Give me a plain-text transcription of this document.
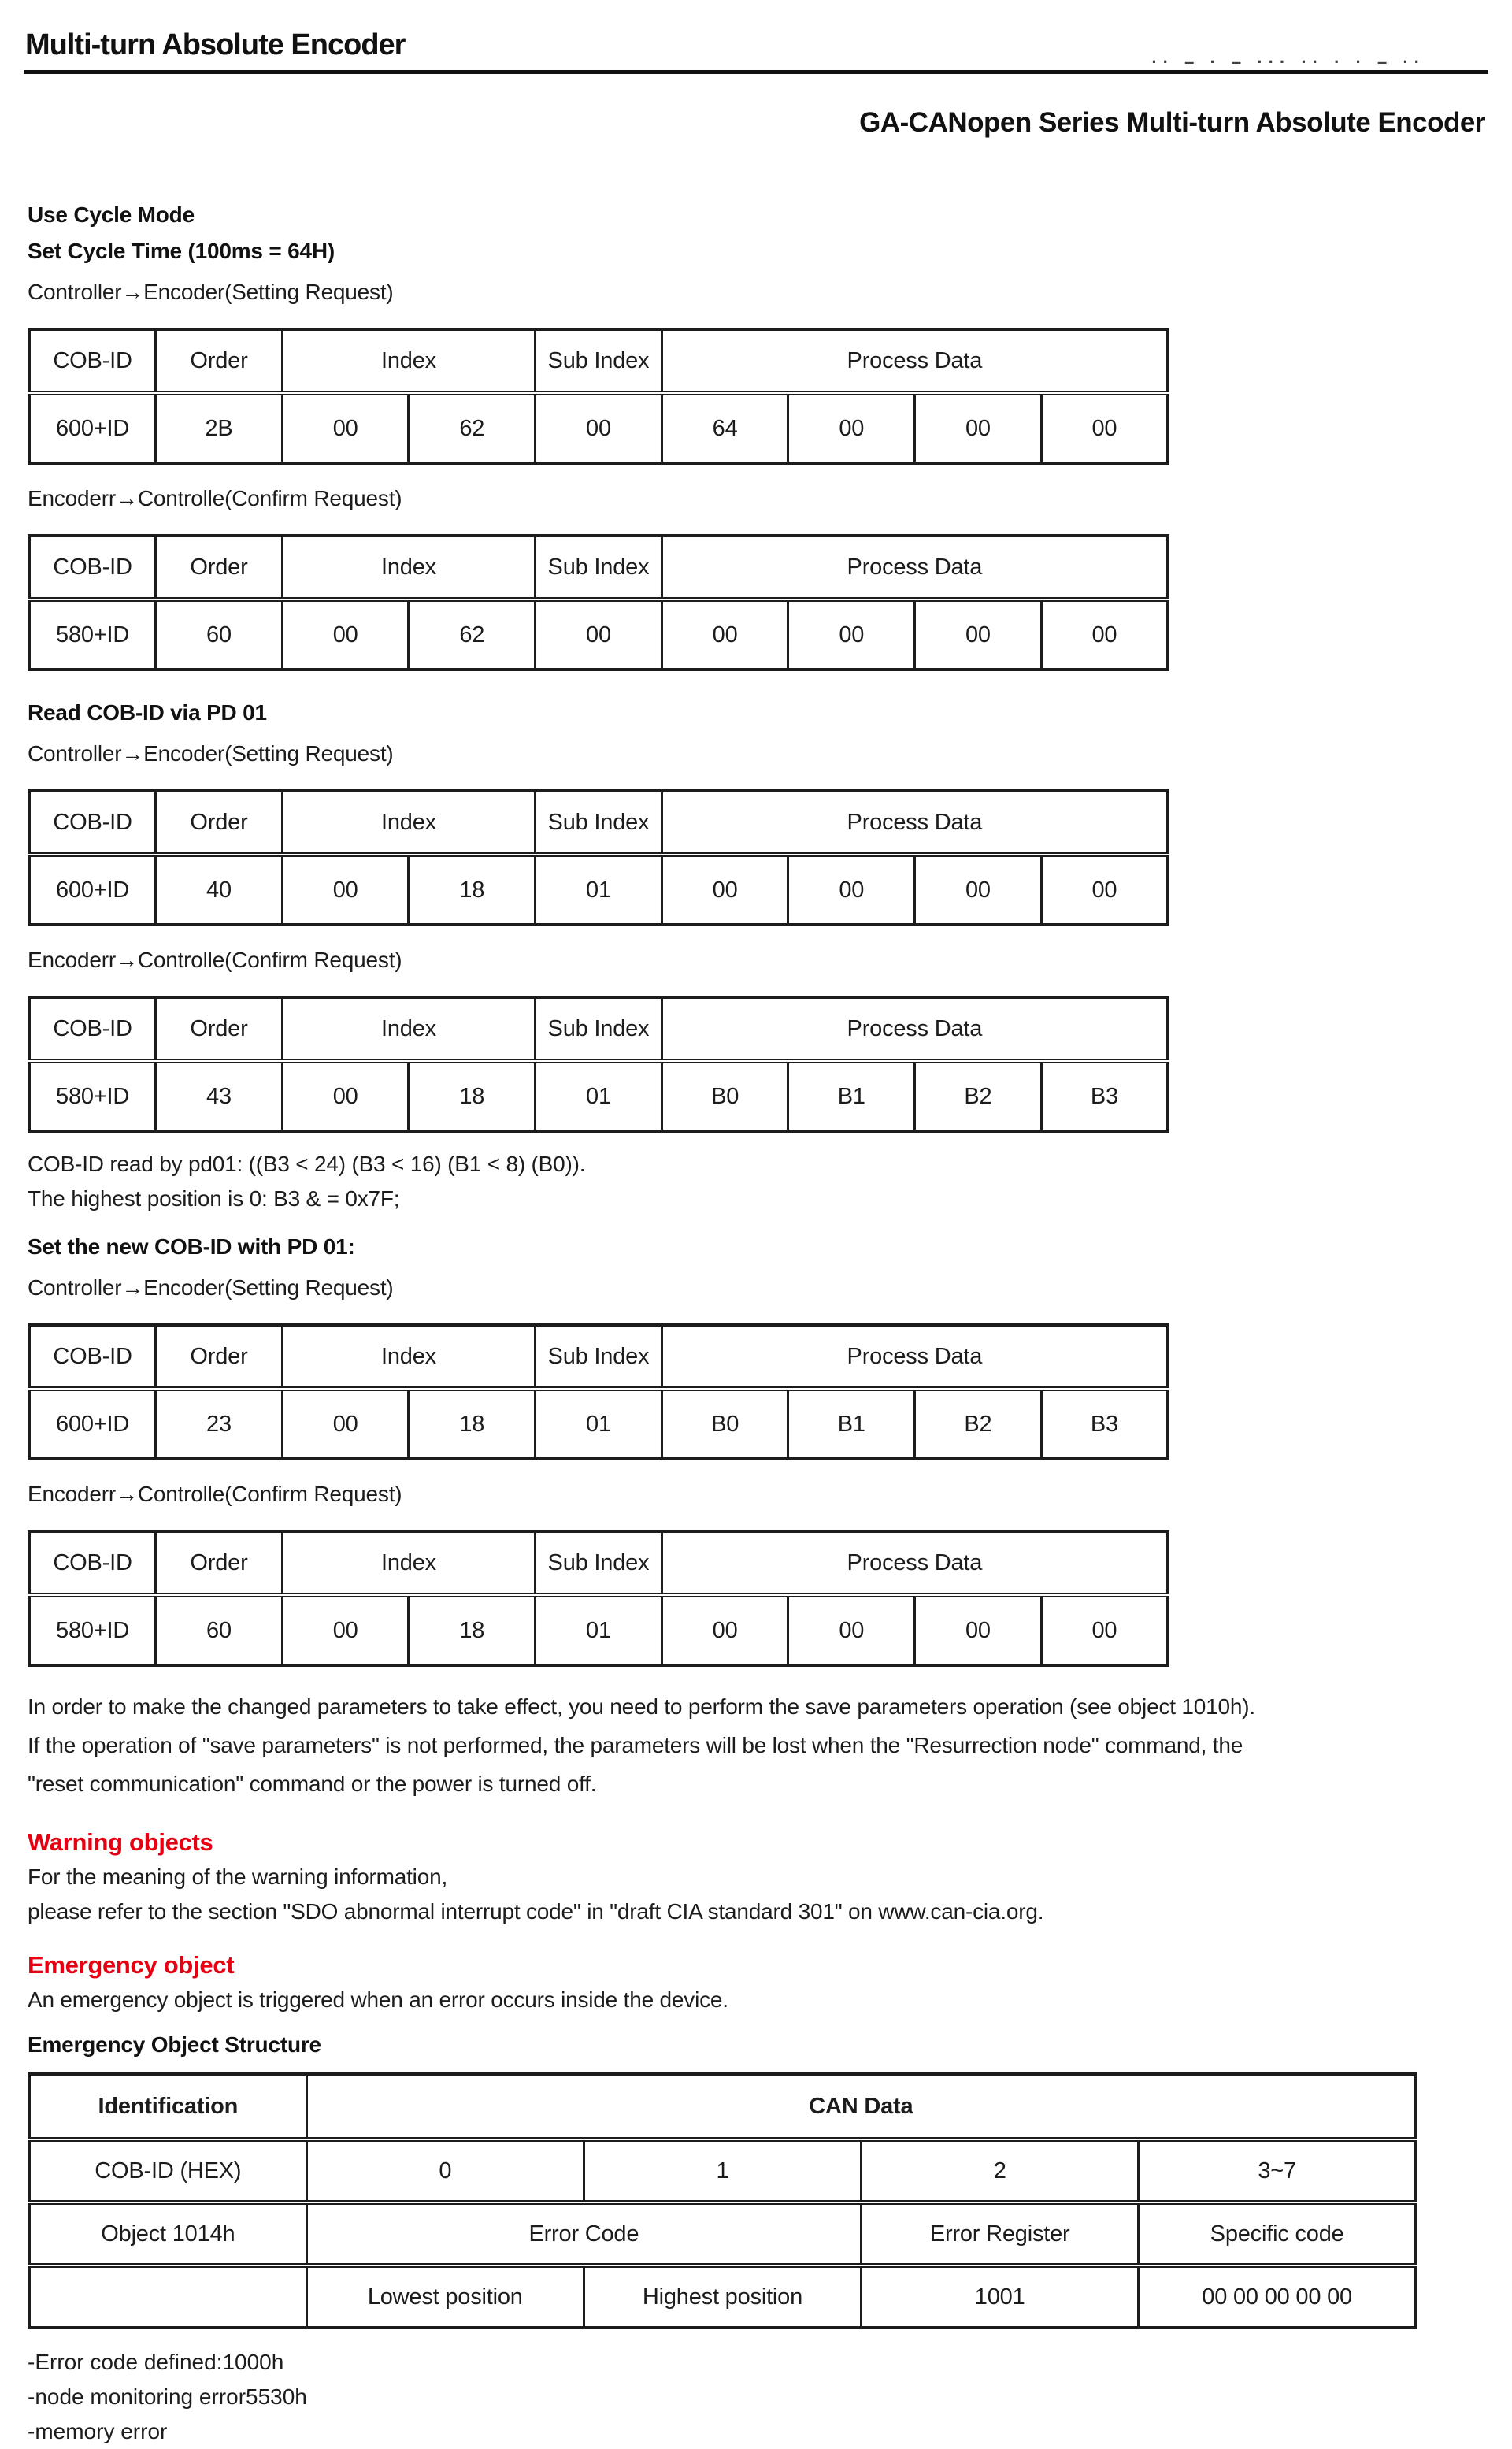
Multi-turn Absolute Encoder
·· – · – ··· ·· · · – ··
GA-CANopen Series Multi-turn Absolute Encoder
Use Cycle Mode
Set Cycle Time (100ms = 64H)
Controller→Encoder(Setting Request)
COB-ID	Order	Index		Sub Index	Process Data			
600+ID	2B	00	62	00	64	00	00	00
Encoderr→Controlle(Confirm Request)
COB-ID	Order	Index		Sub Index	Process Data			
580+ID	60	00	62	00	00	00	00	00
Read COB-ID via PD 01
Controller→Encoder(Setting Request)
COB-ID	Order	Index		Sub Index	Process Data			
600+ID	40	00	18	01	00	00	00	00
Encoderr→Controlle(Confirm Request)
COB-ID	Order	Index		Sub Index	Process Data			
580+ID	43	00	18	01	B0	B1	B2	B3
COB-ID read by pd01: ((B3 < 24) (B3 < 16) (B1 < 8) (B0)).
The highest position is 0: B3 & = 0x7F;
Set the new COB-ID with PD 01:
Controller→Encoder(Setting Request)
COB-ID	Order	Index		Sub Index	Process Data			
600+ID	23	00	18	01	B0	B1	B2	B3
Encoderr→Controlle(Confirm Request)
COB-ID	Order	Index		Sub Index	Process Data			
580+ID	60	00	18	01	00	00	00	00
In order to make the changed parameters to take effect, you need to perform the save parameters operation (see object 1010h).
If the operation of "save parameters" is not performed, the parameters will be lost when the "Resurrection node" command, the
"reset communication" command or the power is turned off.
Warning objects
For the meaning of the warning information,
please refer to the section "SDO abnormal interrupt code" in "draft CIA standard 301" on www.can-cia.org.
Emergency object
An emergency object is triggered when an error occurs inside the device.
Emergency Object Structure
Identification	CAN Data			
COB-ID (HEX)	0	1	2	3~7
Object 1014h	Error Code		Error Register	Specific code
	Lowest position	Highest position	1001	00 00 00 00 00
-Error code defined:1000h
-node monitoring error5530h
-memory error
